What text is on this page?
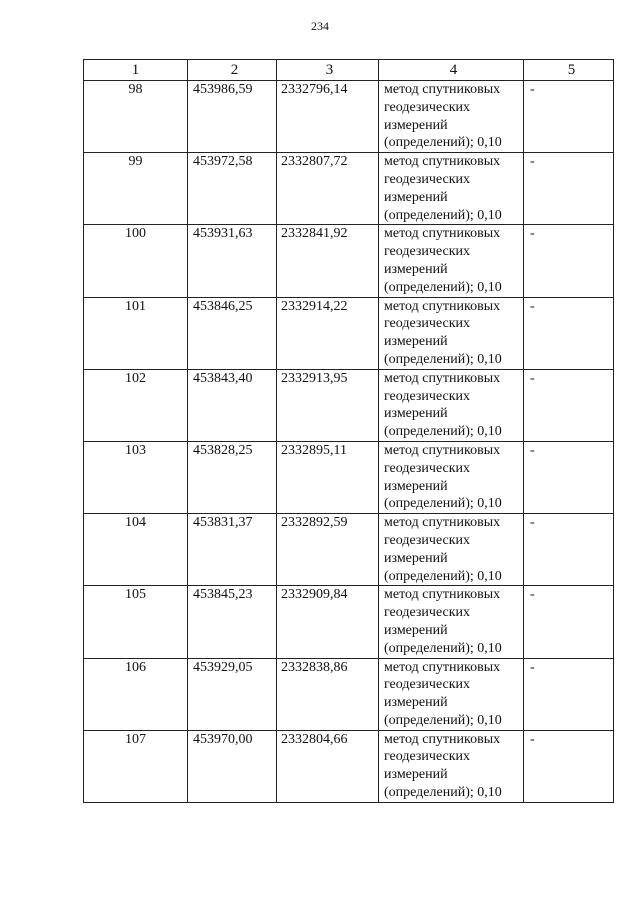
234
1	2	3	4	5
98	453986,59	2332796,14	метод спутниковых
геодезических
измерений
(определений); 0,10	-
99	453972,58	2332807,72	метод спутниковых
геодезических
измерений
(определений); 0,10	-
100	453931,63	2332841,92	метод спутниковых
геодезических
измерений
(определений); 0,10	-
101	453846,25	2332914,22	метод спутниковых
геодезических
измерений
(определений); 0,10	-
102	453843,40	2332913,95	метод спутниковых
геодезических
измерений
(определений); 0,10	-
103	453828,25	2332895,11	метод спутниковых
геодезических
измерений
(определений); 0,10	-
104	453831,37	2332892,59	метод спутниковых
геодезических
измерений
(определений); 0,10	-
105	453845,23	2332909,84	метод спутниковых
геодезических
измерений
(определений); 0,10	-
106	453929,05	2332838,86	метод спутниковых
геодезических
измерений
(определений); 0,10	-
107	453970,00	2332804,66	метод спутниковых
геодезических
измерений
(определений); 0,10	-
